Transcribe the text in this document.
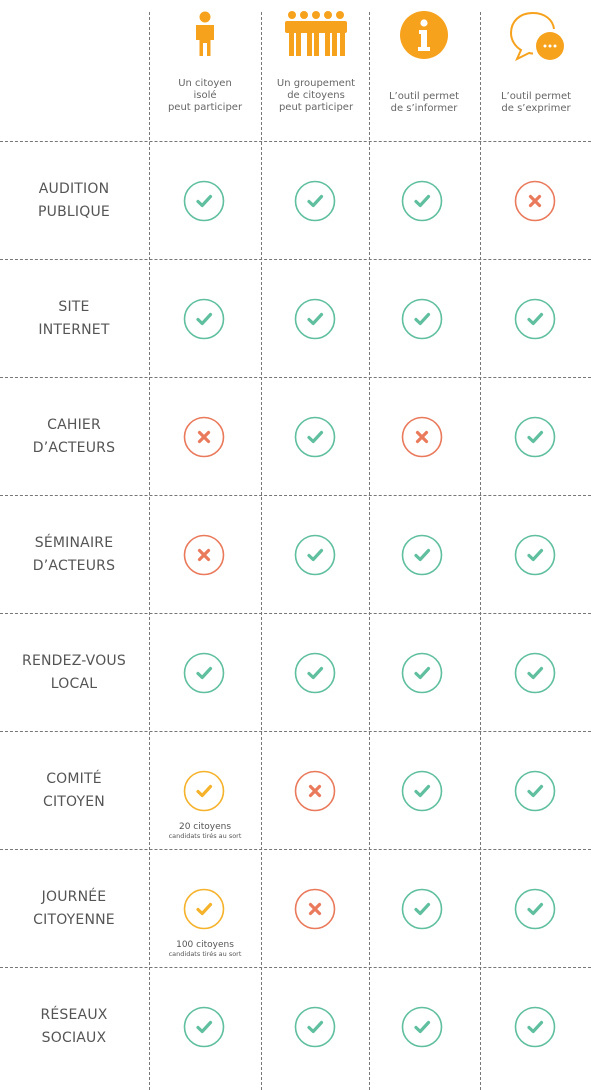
Un citoyen
isolé
peut participer
Un groupement
de citoyens
peut participer
L’outil permet
de s’informer
L’outil permet
de s’exprimer
AUDITION
PUBLIQUE
SITE
INTERNET
CAHIER
D’ACTEURS
SÉMINAIRE
D’ACTEURS
RENDEZ-VOUS
LOCAL
COMITÉ
CITOYEN
20 citoyens
candidats tirés au sort
JOURNÉE
CITOYENNE
100 citoyens
candidats tirés au sort
RÉSEAUX
SOCIAUX
